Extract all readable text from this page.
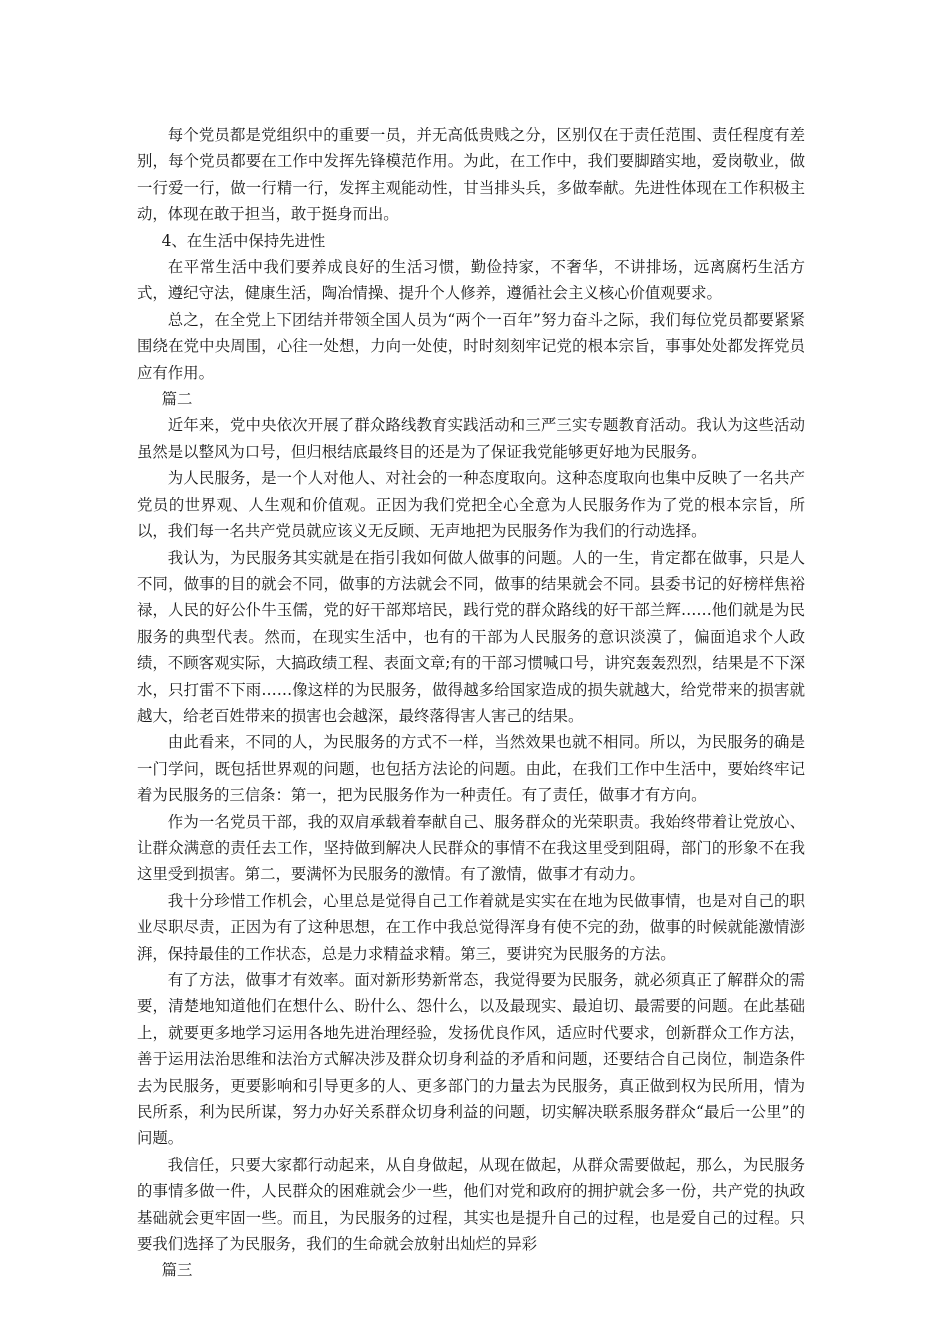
每个党员都是党组织中的重要一员，并无高低贵贱之分，区别仅在于责任范围、责任程度有差别，每个党员都要在工作中发挥先锋模范作用。为此，在工作中，我们要脚踏实地，爱岗敬业，做一行爱一行，做一行精一行，发挥主观能动性，甘当排头兵，多做奉献。先进性体现在工作积极主动，体现在敢于担当，敢于挺身而出。

4、在生活中保持先进性

在平常生活中我们要养成良好的生活习惯，勤俭持家，不奢华，不讲排场，远离腐朽生活方式，遵纪守法，健康生活，陶冶情操、提升个人修养，遵循社会主义核心价值观要求。

总之，在全党上下团结并带领全国人员为“两个一百年”努力奋斗之际，我们每位党员都要紧紧围绕在党中央周围，心往一处想，力向一处使，时时刻刻牢记党的根本宗旨，事事处处都发挥党员应有作用。

篇二

近年来，党中央依次开展了群众路线教育实践活动和三严三实专题教育活动。我认为这些活动虽然是以整风为口号，但归根结底最终目的还是为了保证我党能够更好地为民服务。

为人民服务，是一个人对他人、对社会的一种态度取向。这种态度取向也集中反映了一名共产党员的世界观、人生观和价值观。正因为我们党把全心全意为人民服务作为了党的根本宗旨，所以，我们每一名共产党员就应该义无反顾、无声地把为民服务作为我们的行动选择。

我认为，为民服务其实就是在指引我如何做人做事的问题。人的一生，肯定都在做事，只是人不同，做事的目的就会不同，做事的方法就会不同，做事的结果就会不同。县委书记的好榜样焦裕禄，人民的好公仆牛玉儒，党的好干部郑培民，践行党的群众路线的好干部兰辉……他们就是为民服务的典型代表。然而，在现实生活中，也有的干部为人民服务的意识淡漠了，偏面追求个人政绩，不顾客观实际，大搞政绩工程、表面文章;有的干部习惯喊口号，讲究轰轰烈烈，结果是不下深水，只打雷不下雨……像这样的为民服务，做得越多给国家造成的损失就越大，给党带来的损害就越大，给老百姓带来的损害也会越深，最终落得害人害己的结果。

由此看来，不同的人，为民服务的方式不一样，当然效果也就不相同。所以，为民服务的确是一门学问，既包括世界观的问题，也包括方法论的问题。由此，在我们工作中生活中，要始终牢记着为民服务的三信条：第一，把为民服务作为一种责任。有了责任，做事才有方向。

作为一名党员干部，我的双肩承载着奉献自己、服务群众的光荣职责。我始终带着让党放心、让群众满意的责任去工作，坚持做到解决人民群众的事情不在我这里受到阻碍，部门的形象不在我这里受到损害。第二，要满怀为民服务的激情。有了激情，做事才有动力。

我十分珍惜工作机会，心里总是觉得自己工作着就是实实在在地为民做事情，也是对自己的职业尽职尽责，正因为有了这种思想，在工作中我总觉得浑身有使不完的劲，做事的时候就能激情澎湃，保持最佳的工作状态，总是力求精益求精。第三，要讲究为民服务的方法。

有了方法，做事才有效率。面对新形势新常态，我觉得要为民服务，就必须真正了解群众的需要，清楚地知道他们在想什么、盼什么、怨什么，以及最现实、最迫切、最需要的问题。在此基础上，就要更多地学习运用各地先进治理经验，发扬优良作风，适应时代要求，创新群众工作方法，善于运用法治思维和法治方式解决涉及群众切身利益的矛盾和问题，还要结合自己岗位，制造条件去为民服务，更要影响和引导更多的人、更多部门的力量去为民服务，真正做到权为民所用，情为民所系，利为民所谋，努力办好关系群众切身利益的问题，切实解决联系服务群众“最后一公里”的问题。

我信任，只要大家都行动起来，从自身做起，从现在做起，从群众需要做起，那么，为民服务的事情多做一件，人民群众的困难就会少一些，他们对党和政府的拥护就会多一份，共产党的执政基础就会更牢固一些。而且，为民服务的过程，其实也是提升自己的过程，也是爱自己的过程。只要我们选择了为民服务，我们的生命就会放射出灿烂的异彩

篇三
